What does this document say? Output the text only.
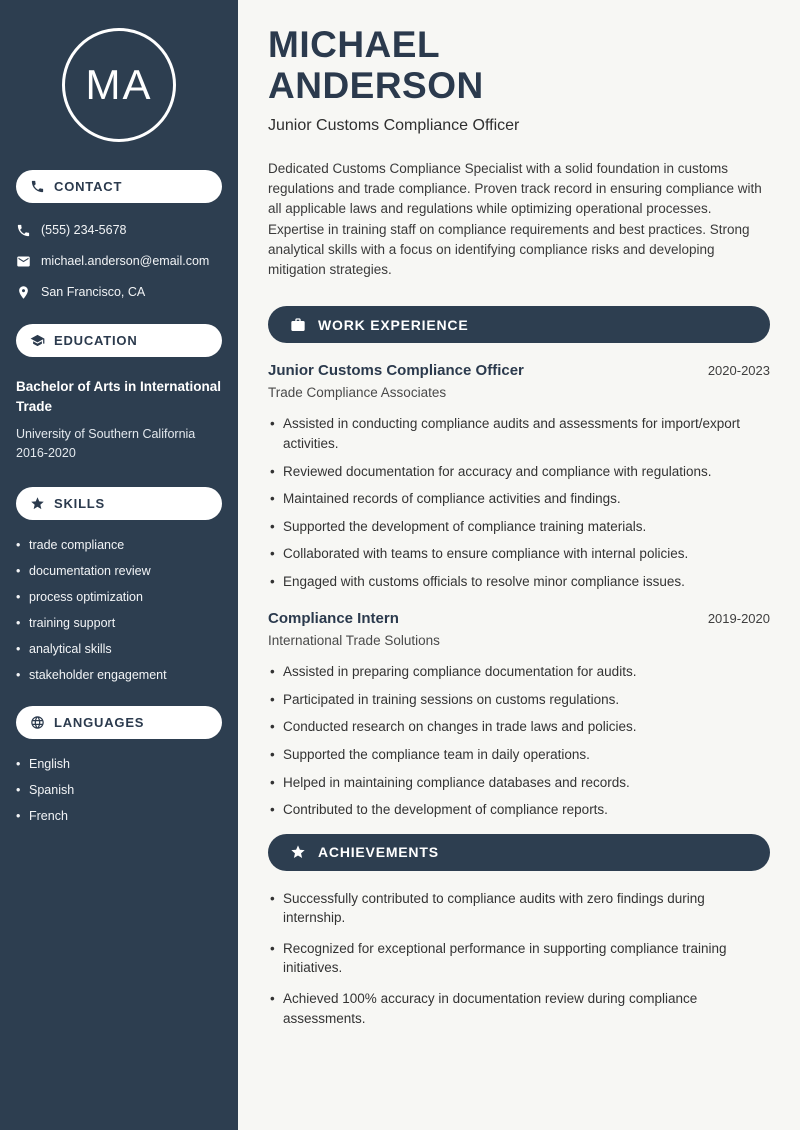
MA
CONTACT
(555) 234-5678
michael.anderson@email.com
San Francisco, CA
EDUCATION
Bachelor of Arts in International Trade
University of Southern California
2016-2020
SKILLS
• trade compliance
• documentation review
• process optimization
• training support
• analytical skills
• stakeholder engagement
LANGUAGES
• English
• Spanish
• French
MICHAEL
ANDERSON
Junior Customs Compliance Officer

Dedicated Customs Compliance Specialist with a solid foundation in customs regulations and trade compliance. Proven track record in ensuring compliance with all applicable laws and regulations while optimizing operational processes. Expertise in training staff on compliance requirements and best practices. Strong analytical skills with a focus on identifying compliance risks and developing mitigation strategies.

WORK EXPERIENCE
Junior Customs Compliance Officer	2020-2023
Trade Compliance Associates
• Assisted in conducting compliance audits and assessments for import/export activities.
• Reviewed documentation for accuracy and compliance with regulations.
• Maintained records of compliance activities and findings.
• Supported the development of compliance training materials.
• Collaborated with teams to ensure compliance with internal policies.
• Engaged with customs officials to resolve minor compliance issues.
Compliance Intern	2019-2020
International Trade Solutions
• Assisted in preparing compliance documentation for audits.
• Participated in training sessions on customs regulations.
• Conducted research on changes in trade laws and policies.
• Supported the compliance team in daily operations.
• Helped in maintaining compliance databases and records.
• Contributed to the development of compliance reports.
ACHIEVEMENTS
• Successfully contributed to compliance audits with zero findings during internship.
• Recognized for exceptional performance in supporting compliance training initiatives.
• Achieved 100% accuracy in documentation review during compliance assessments.
